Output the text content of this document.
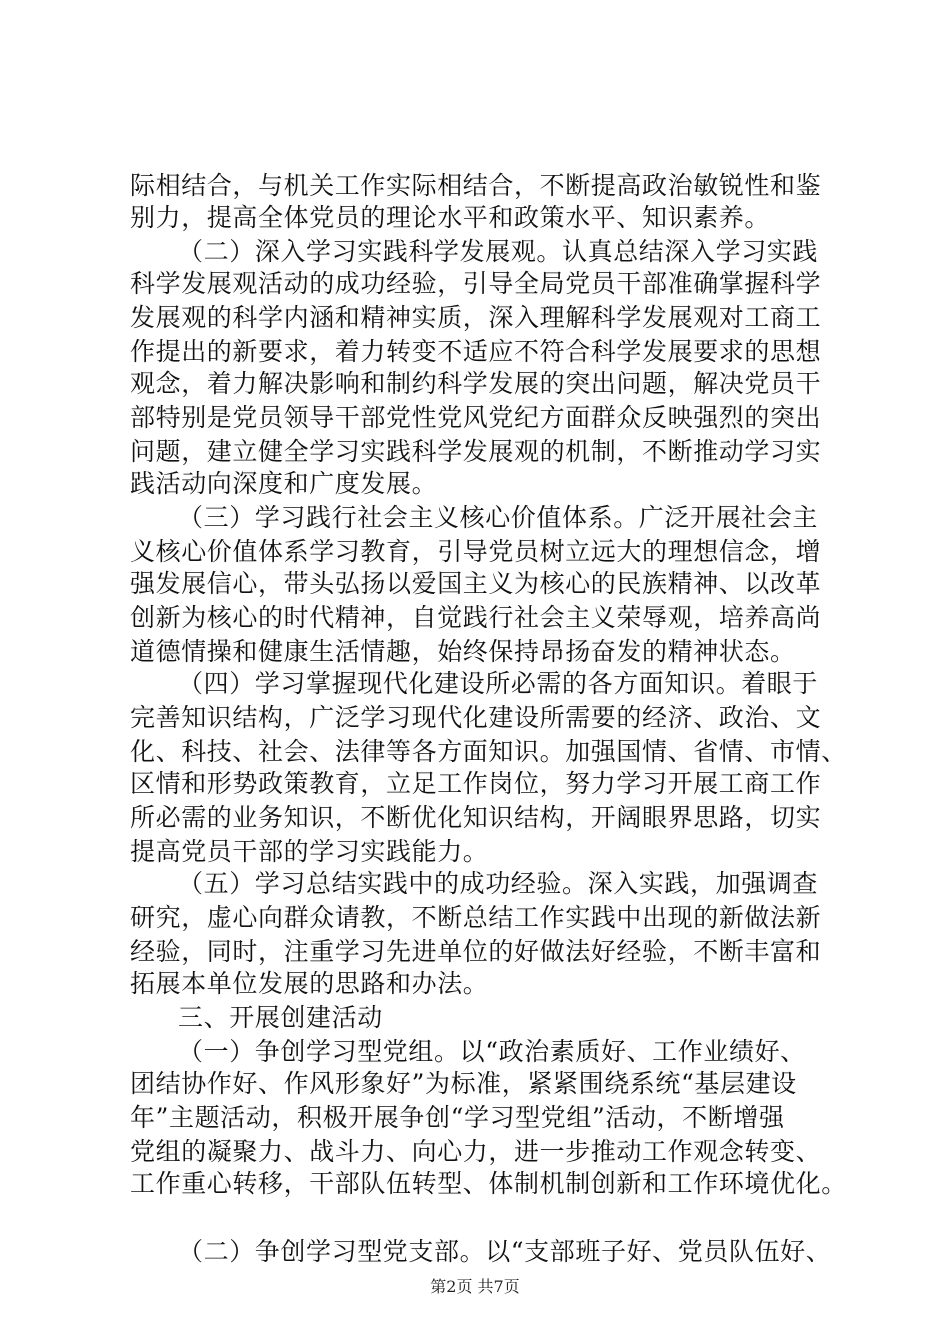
际相结合，与机关工作实际相结合，不断提高政治敏锐性和鉴
别力，提高全体党员的理论水平和政策水平、知识素养。
（二）深入学习实践科学发展观。认真总结深入学习实践
科学发展观活动的成功经验，引导全局党员干部准确掌握科学
发展观的科学内涵和精神实质，深入理解科学发展观对工商工
作提出的新要求，着力转变不适应不符合科学发展要求的思想
观念，着力解决影响和制约科学发展的突出问题，解决党员干
部特别是党员领导干部党性党风党纪方面群众反映强烈的突出
问题，建立健全学习实践科学发展观的机制，不断推动学习实
践活动向深度和广度发展。
（三）学习践行社会主义核心价值体系。广泛开展社会主
义核心价值体系学习教育，引导党员树立远大的理想信念，增
强发展信心，带头弘扬以爱国主义为核心的民族精神、以改革
创新为核心的时代精神，自觉践行社会主义荣辱观，培养高尚
道德情操和健康生活情趣，始终保持昂扬奋发的精神状态。
（四）学习掌握现代化建设所必需的各方面知识。着眼于
完善知识结构，广泛学习现代化建设所需要的经济、政治、文
化、科技、社会、法律等各方面知识。加强国情、省情、市情、
区情和形势政策教育，立足工作岗位，努力学习开展工商工作
所必需的业务知识，不断优化知识结构，开阔眼界思路，切实
提高党员干部的学习实践能力。
（五）学习总结实践中的成功经验。深入实践，加强调查
研究，虚心向群众请教，不断总结工作实践中出现的新做法新
经验，同时，注重学习先进单位的好做法好经验，不断丰富和
拓展本单位发展的思路和办法。
三、开展创建活动
（一）争创学习型党组。以“政治素质好、工作业绩好、
团结协作好、作风形象好”为标准，紧紧围绕系统“基层建设
年”主题活动，积极开展争创“学习型党组”活动，不断增强
党组的凝聚力、战斗力、向心力，进一步推动工作观念转变、
工作重心转移，干部队伍转型、体制机制创新和工作环境优化。
（二）争创学习型党支部。以“支部班子好、党员队伍好、
第2页 共7页
